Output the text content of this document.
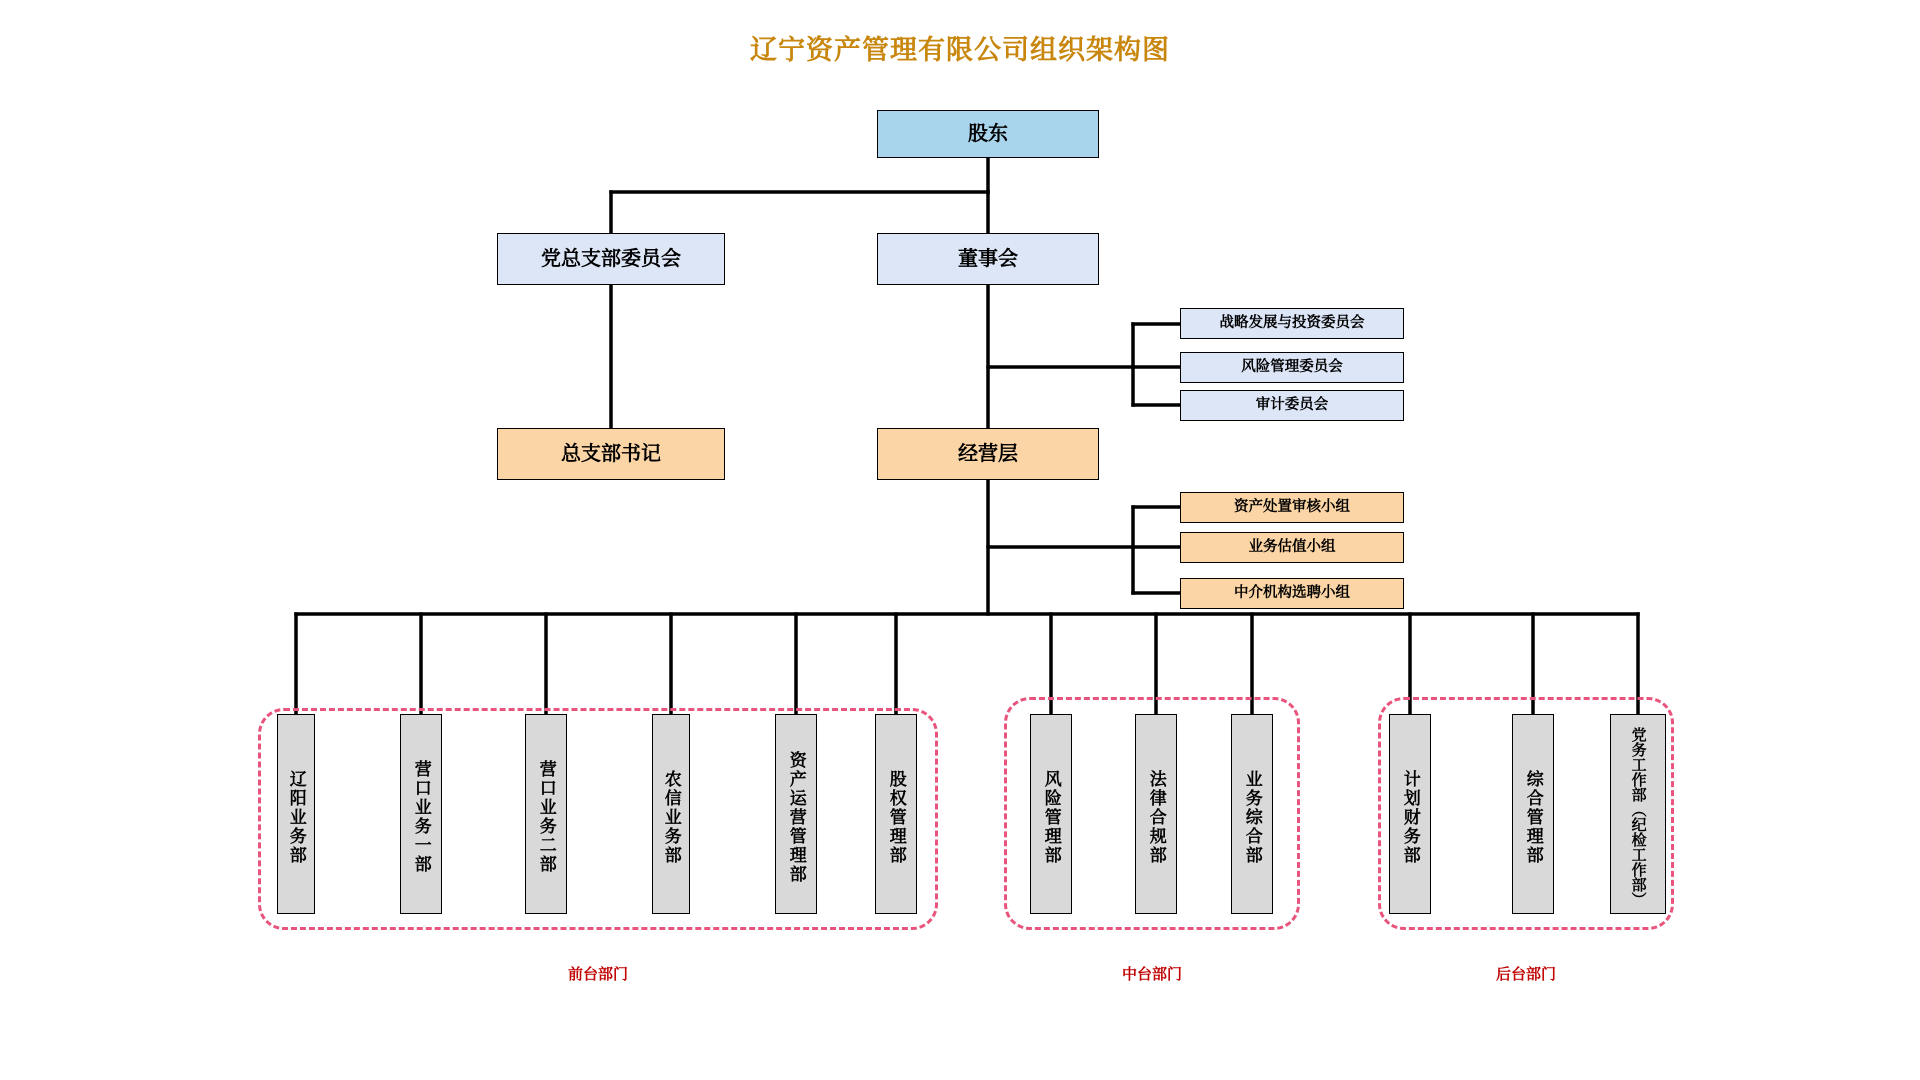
辽宁资产管理有限公司组织架构图
股东
党总支部委员会	董事会
总支部书记	经营层
战略发展与投资委员会
风险管理委员会
审计委员会
资产处置审核小组
业务估值小组
中介机构选聘小组
辽阳业务部	营口业务一部	营口业务二部	农信业务部	资产运营管理部	股权管理部	风险管理部	法律合规部	业务综合部	计划财务部	综合管理部	党务工作部（纪检工作部）
前台部门	中台部门	后台部门
